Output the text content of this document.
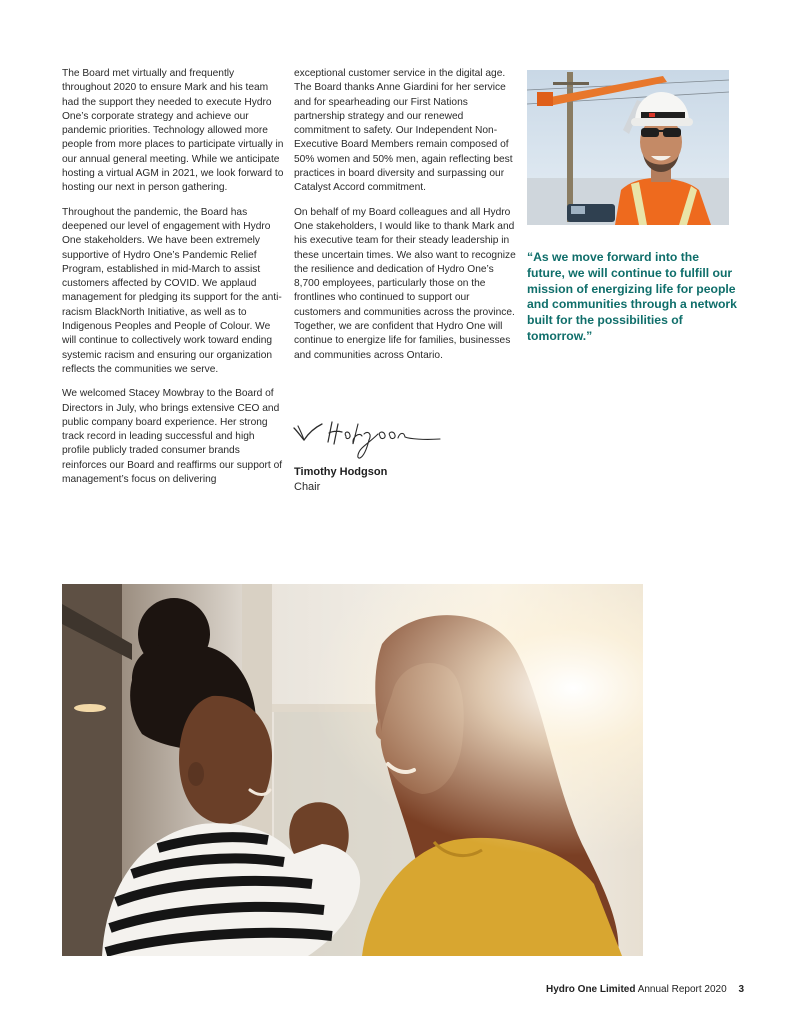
The Board met virtually and frequently throughout 2020 to ensure Mark and his team had the support they needed to execute Hydro One’s corporate strategy and achieve our pandemic priorities. Technology allowed more people from more places to participate virtually in our annual general meeting. While we anticipate hosting a virtual AGM in 2021, we look forward to hosting our next in person gathering.

Throughout the pandemic, the Board has deepened our level of engagement with Hydro One stakeholders. We have been extremely supportive of Hydro One’s Pandemic Relief Program, established in mid-March to assist customers affected by COVID. We applaud management for pledging its support for the anti-racism BlackNorth Initiative, as well as to Indigenous Peoples and People of Colour. We will continue to collectively work toward ending systemic racism and ensuring our organization reflects the communities we serve.

We welcomed Stacey Mowbray to the Board of Directors in July, who brings extensive CEO and public company board experience. Her strong track record in leading successful and high profile publicly traded consumer brands reinforces our Board and reaffirms our support of management’s focus on delivering

exceptional customer service in the digital age. The Board thanks Anne Giardini for her service and for spearheading our First Nations partnership strategy and our renewed commitment to safety. Our Independent Non-Executive Board Members remain composed of 50% women and 50% men, again reflecting best practices in board diversity and surpassing our Catalyst Accord commitment.

On behalf of my Board colleagues and all Hydro One stakeholders, I would like to thank Mark and his executive team for their steady leadership in these uncertain times. We also want to recognize the resilience and dedication of Hydro One’s 8,700 employees, particularly those on the frontlines who continued to support our customers and communities across the province. Together, we are confident that Hydro One will continue to energize life for families, businesses and communities across Ontario.

Timothy Hodgson
Chair
“As we move forward into the future, we will continue to fulfill our mission of energizing life for people and communities through a network built for the possibilities of tomorrow.”
Hydro One Limited Annual Report 2020 3
